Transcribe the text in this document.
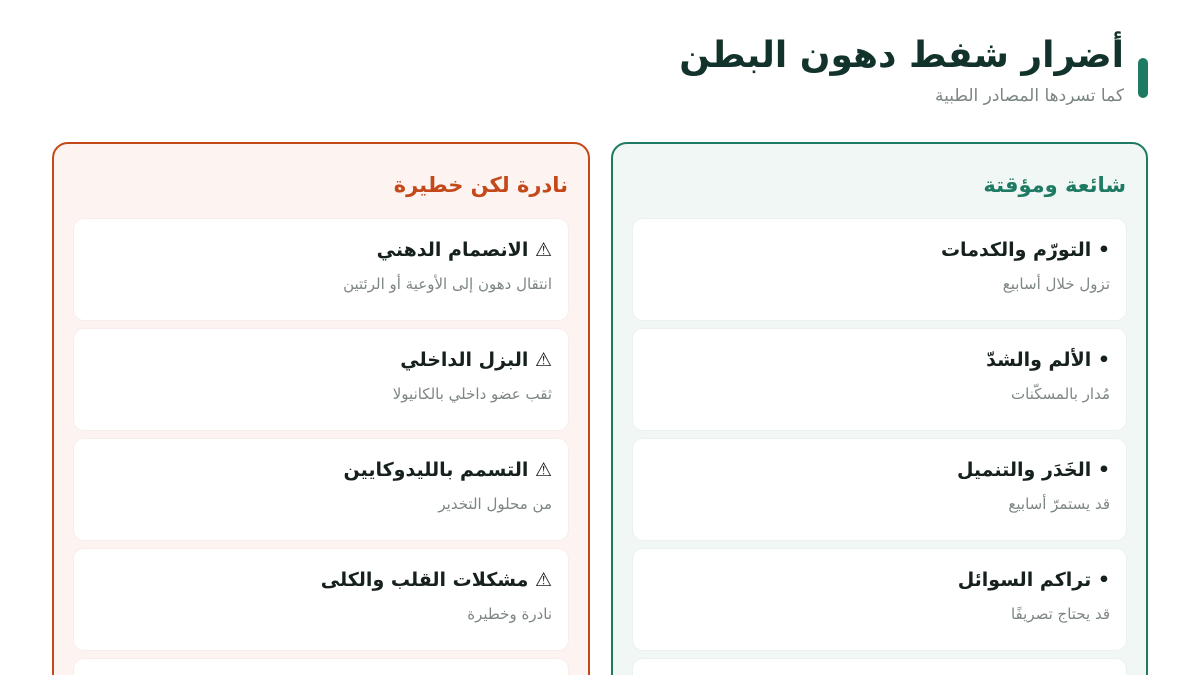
أضرار شفط دهون البطن
كما تسردها المصادر الطبية
شائعة ومؤقتة
• التورّم والكدمات
تزول خلال أسابيع
• الألم والشدّ
مُدار بالمسكّنات
• الخَدَر والتنميل
قد يستمرّ أسابيع
• تراكم السوائل
قد يحتاج تصريفًا
نادرة لكن خطيرة
⚠ الانصمام الدهني
انتقال دهون إلى الأوعية أو الرئتين
⚠ البزل الداخلي
ثقب عضو داخلي بالكانيولا
⚠ التسمم بالليدوكايين
من محلول التخدير
⚠ مشكلات القلب والكلى
نادرة وخطيرة
